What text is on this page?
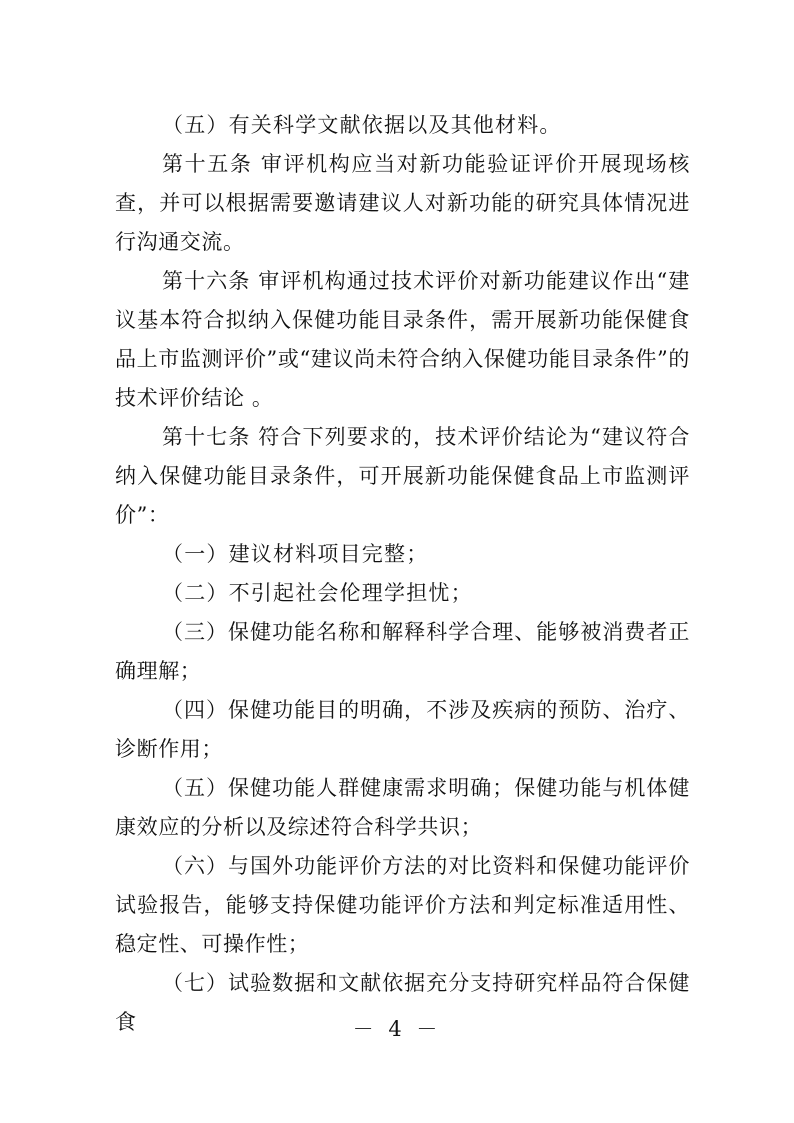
（五）有关科学文献依据以及其他材料。

第十五条 审评机构应当对新功能验证评价开展现场核查，并可以根据需要邀请建议人对新功能的研究具体情况进行沟通交流。

第十六条 审评机构通过技术评价对新功能建议作出“建议基本符合拟纳入保健功能目录条件，需开展新功能保健食品上市监测评价”或“建议尚未符合纳入保健功能目录条件”的技术评价结论 。

第十七条 符合下列要求的，技术评价结论为“建议符合纳入保健功能目录条件，可开展新功能保健食品上市监测评价”：

（一）建议材料项目完整；

（二）不引起社会伦理学担忧；

（三）保健功能名称和解释科学合理、能够被消费者正确理解；

（四）保健功能目的明确，不涉及疾病的预防、治疗、诊断作用；

（五）保健功能人群健康需求明确；保健功能与机体健康效应的分析以及综述符合科学共识；

（六）与国外功能评价方法的对比资料和保健功能评价试验报告，能够支持保健功能评价方法和判定标准适用性、稳定性、可操作性；

（七）试验数据和文献依据充分支持研究样品符合保健食	－ 4 －
